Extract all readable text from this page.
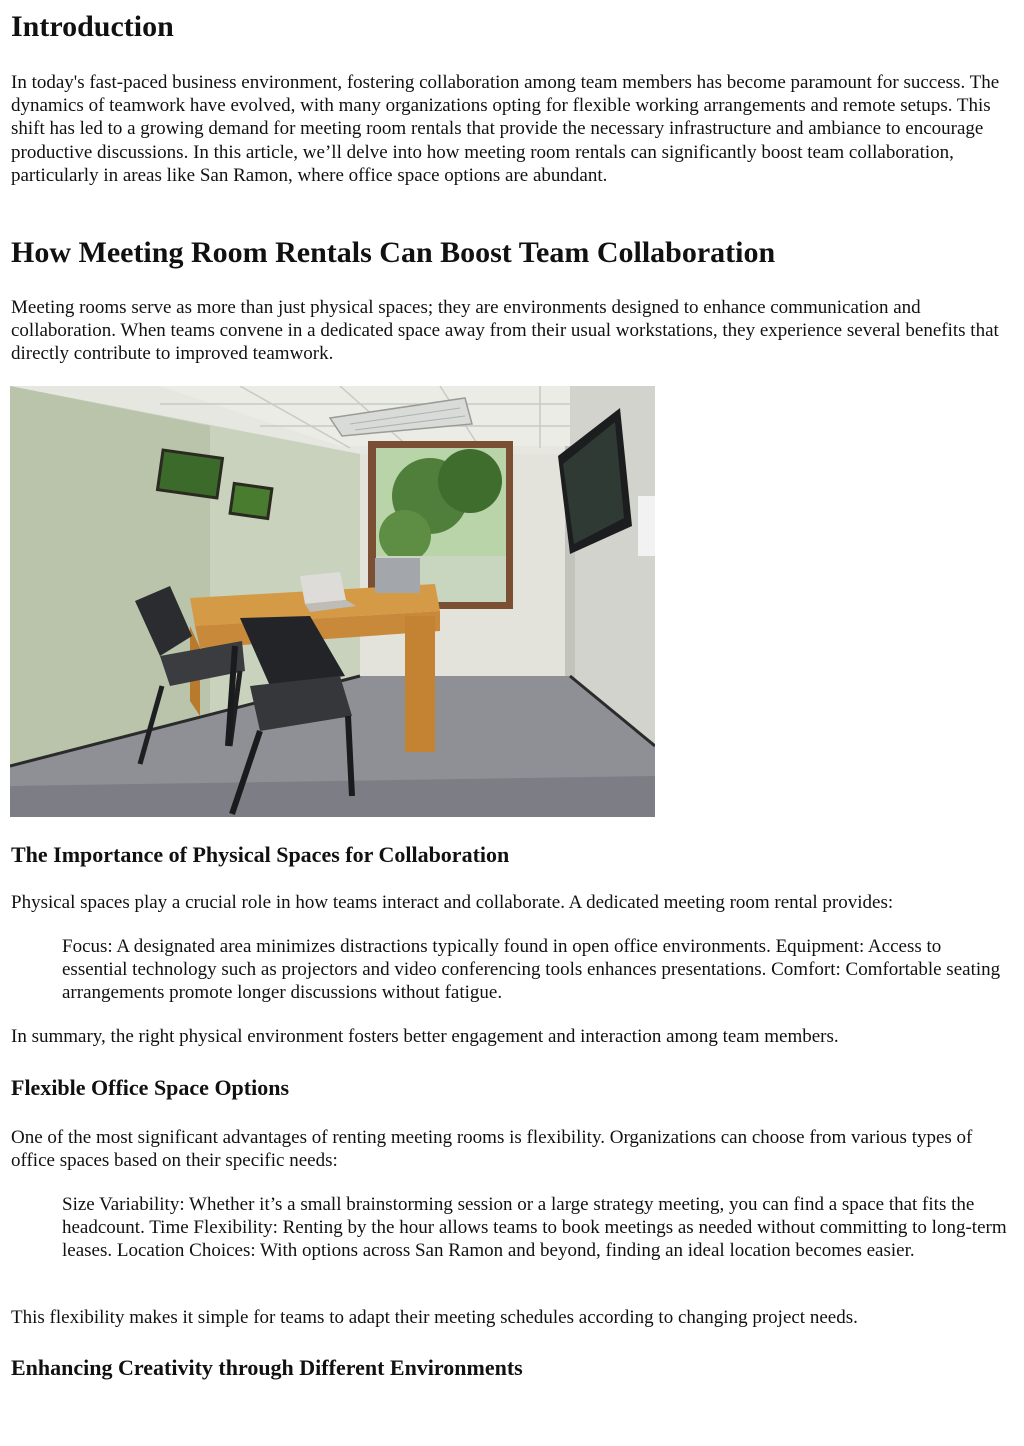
Introduction

In today's fast-paced business environment, fostering collaboration among team members has become paramount for success. The dynamics of teamwork have evolved, with many organizations opting for flexible working arrangements and remote setups. This shift has led to a growing demand for meeting room rentals that provide the necessary infrastructure and ambiance to encourage productive discussions. In this article, we’ll delve into how meeting room rentals can significantly boost team collaboration, particularly in areas like San Ramon, where office space options are abundant.

How Meeting Room Rentals Can Boost Team Collaboration

Meeting rooms serve as more than just physical spaces; they are environments designed to enhance communication and collaboration. When teams convene in a dedicated space away from their usual workstations, they experience several benefits that directly contribute to improved teamwork.

The Importance of Physical Spaces for Collaboration

Physical spaces play a crucial role in how teams interact and collaborate. A dedicated meeting room rental provides:

Focus: A designated area minimizes distractions typically found in open office environments. Equipment: Access to essential technology such as projectors and video conferencing tools enhances presentations. Comfort: Comfortable seating arrangements promote longer discussions without fatigue.

In summary, the right physical environment fosters better engagement and interaction among team members.

Flexible Office Space Options

One of the most significant advantages of renting meeting rooms is flexibility. Organizations can choose from various types of office spaces based on their specific needs:

Size Variability: Whether it’s a small brainstorming session or a large strategy meeting, you can find a space that fits the headcount. Time Flexibility: Renting by the hour allows teams to book meetings as needed without committing to long-term leases. Location Choices: With options across San Ramon and beyond, finding an ideal location becomes easier.

This flexibility makes it simple for teams to adapt their meeting schedules according to changing project needs.

Enhancing Creativity through Different Environments
